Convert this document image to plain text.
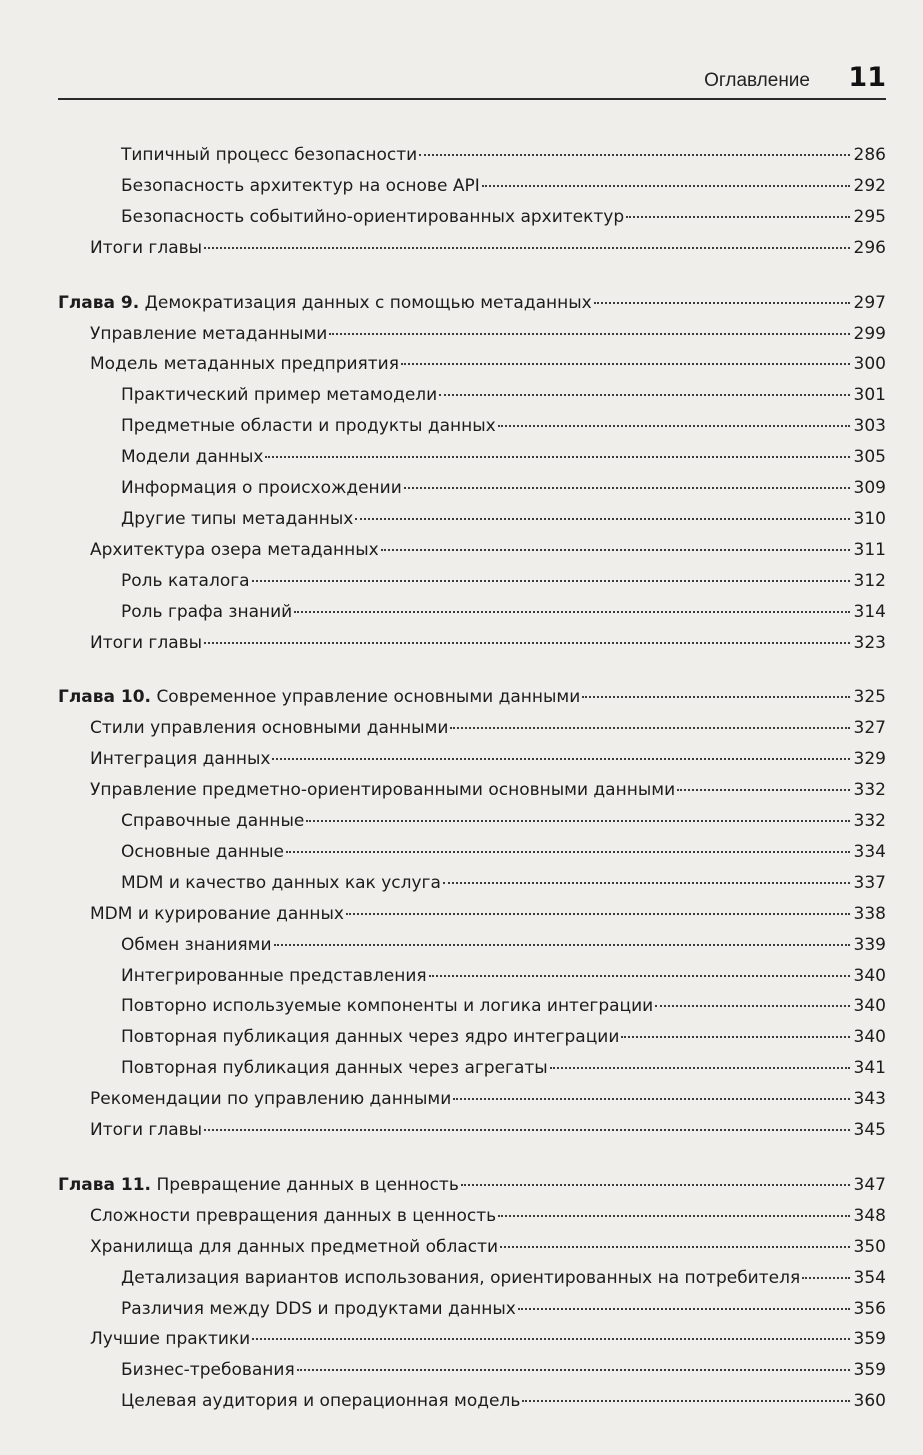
Оглавление 11
Типичный процесс безопасности	286
Безопасность архитектур на основе API	292
Безопасность событийно-ориентированных архитектур	295
Итоги главы	296
Глава 9. Демократизация данных с помощью метаданных	297
Управление метаданными	299
Модель метаданных предприятия	300
Практический пример метамодели	301
Предметные области и продукты данных	303
Модели данных	305
Информация о происхождении	309
Другие типы метаданных	310
Архитектура озера метаданных	311
Роль каталога	312
Роль графа знаний	314
Итоги главы	323
Глава 10. Современное управление основными данными	325
Стили управления основными данными	327
Интеграция данных	329
Управление предметно-ориентированными основными данными	332
Справочные данные	332
Основные данные	334
MDM и качество данных как услуга	337
MDM и курирование данных	338
Обмен знаниями	339
Интегрированные представления	340
Повторно используемые компоненты и логика интеграции	340
Повторная публикация данных через ядро интеграции	340
Повторная публикация данных через агрегаты	341
Рекомендации по управлению данными	343
Итоги главы	345
Глава 11. Превращение данных в ценность	347
Сложности превращения данных в ценность	348
Хранилища для данных предметной области	350
Детализация вариантов использования, ориентированных на потребителя	354
Различия между DDS и продуктами данных	356
Лучшие практики	359
Бизнес-требования	359
Целевая аудитория и операционная модель	360
